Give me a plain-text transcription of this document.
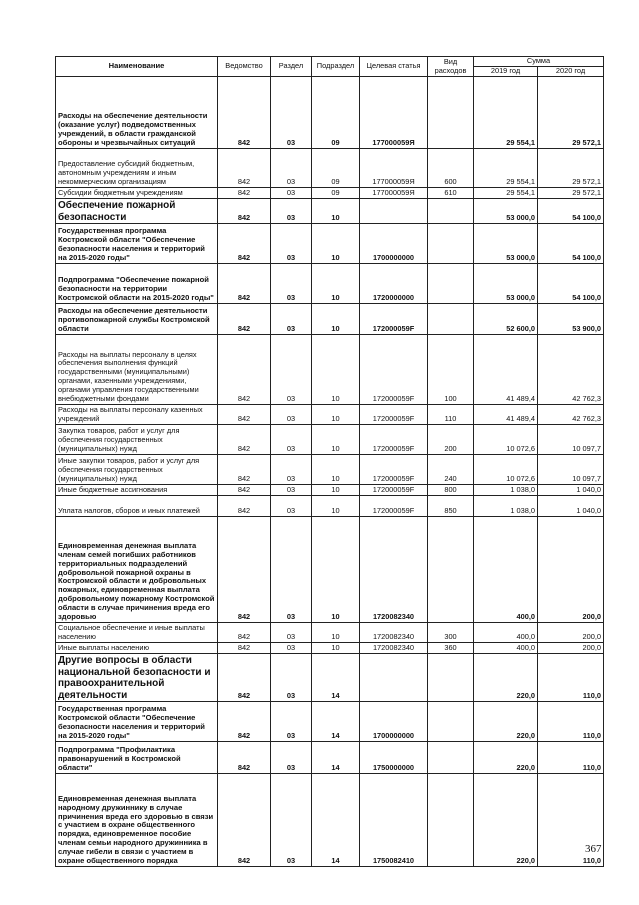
Наименование	Ведомство	Раздел	Подраздел	Целевая статья	Вид расходов	Сумма	
						2019 год	2020 год
Расходы на обеспечение деятельности (оказание услуг) подведомственных учреждений, в области гражданской обороны и чрезвычайных ситуаций	842	03	09	177000059Я		29 554,1	29 572,1
Предоставление субсидий бюджетным, автономным учреждениям и иным некоммерческим организациям	842	03	09	177000059Я	600	29 554,1	29 572,1
Субсидии бюджетным учреждениям	842	03	09	177000059Я	610	29 554,1	29 572,1
Обеспечение пожарной безопасности	842	03	10			53 000,0	54 100,0
Государственная программа Костромской области "Обеспечение безопасности населения и территорий на 2015-2020 годы"	842	03	10	1700000000		53 000,0	54 100,0
Подпрограмма "Обеспечение пожарной безопасности на территории Костромской области на 2015-2020 годы"	842	03	10	1720000000		53 000,0	54 100,0
Расходы на обеспечение деятельности противопожарной службы Костромской области	842	03	10	172000059F		52 600,0	53 900,0
Расходы на выплаты персоналу в целях обеспечения выполнения функций государственными (муниципальными) органами, казенными учреждениями, органами управления государственными внебюджетными фондами	842	03	10	172000059F	100	41 489,4	42 762,3
Расходы на выплаты персоналу казенных учреждений	842	03	10	172000059F	110	41 489,4	42 762,3
Закупка товаров, работ и услуг для обеспечения государственных (муниципальных) нужд	842	03	10	172000059F	200	10 072,6	10 097,7
Иные закупки товаров, работ и услуг для обеспечения государственных (муниципальных) нужд	842	03	10	172000059F	240	10 072,6	10 097,7
Иные бюджетные ассигнования	842	03	10	172000059F	800	1 038,0	1 040,0
Уплата налогов, сборов и иных платежей	842	03	10	172000059F	850	1 038,0	1 040,0
Единовременная денежная выплата членам семей погибших работников территориальных подразделений добровольной пожарной охраны в Костромской области и добровольных пожарных, единовременная выплата добровольному пожарному Костромской области в случае причинения вреда его здоровью	842	03	10	1720082340		400,0	200,0
Социальное обеспечение и иные выплаты населению	842	03	10	1720082340	300	400,0	200,0
Иные выплаты населению	842	03	10	1720082340	360	400,0	200,0
Другие вопросы в области национальной безопасности и правоохранительной деятельности	842	03	14			220,0	110,0
Государственная программа Костромской области "Обеспечение безопасности населения и территорий на 2015-2020 годы"	842	03	14	1700000000		220,0	110,0
Подпрограмма "Профилактика правонарушений в Костромской области"	842	03	14	1750000000		220,0	110,0
Единовременная денежная выплата народному дружиннику в случае причинения вреда его здоровью в связи с участием в охране общественного порядка, единовременное пособие членам семьи народного дружинника в случае гибели в связи с участием в охране общественного порядка	842	03	14	1750082410		220,0	110,0
367
